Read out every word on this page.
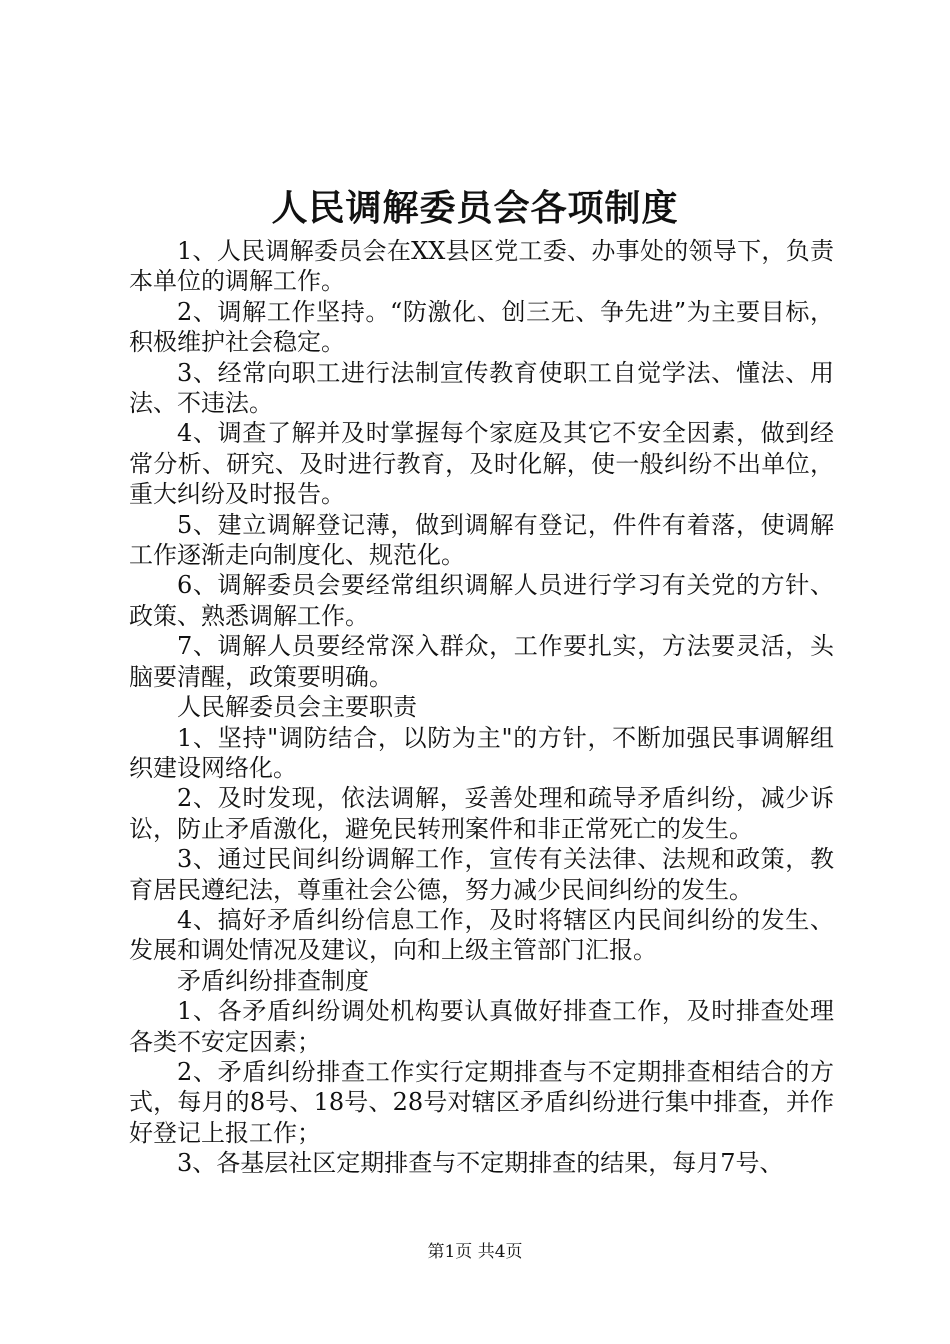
人民调解委员会各项制度

1、人民调解委员会在XX县区党工委、办事处的领导下，负责本单位的调解工作。

2、调解工作坚持。“防激化、创三无、争先进”为主要目标，积极维护社会稳定。

3、经常向职工进行法制宣传教育使职工自觉学法、懂法、用法、不违法。

4、调查了解并及时掌握每个家庭及其它不安全因素，做到经常分析、研究、及时进行教育，及时化解，使一般纠纷不出单位，重大纠纷及时报告。

5、建立调解登记薄，做到调解有登记，件件有着落，使调解工作逐渐走向制度化、规范化。

6、调解委员会要经常组织调解人员进行学习有关党的方针、政策、熟悉调解工作。

7、调解人员要经常深入群众，工作要扎实，方法要灵活，头脑要清醒，政策要明确。

人民解委员会主要职责

1、坚持"调防结合，以防为主"的方针，不断加强民事调解组织建设网络化。

2、及时发现，依法调解，妥善处理和疏导矛盾纠纷，减少诉讼，防止矛盾激化，避免民转刑案件和非正常死亡的发生。

3、通过民间纠纷调解工作，宣传有关法律、法规和政策，教育居民遵纪法，尊重社会公德，努力减少民间纠纷的发生。

4、搞好矛盾纠纷信息工作，及时将辖区内民间纠纷的发生、发展和调处情况及建议，向和上级主管部门汇报。

矛盾纠纷排查制度

1、各矛盾纠纷调处机构要认真做好排查工作，及时排查处理各类不安定因素；

2、矛盾纠纷排查工作实行定期排查与不定期排查相结合的方式，每月的8号、18号、28号对辖区矛盾纠纷进行集中排查，并作好登记上报工作；

3、各基层社区定期排查与不定期排查的结果，每月7号、

第1页 共4页
